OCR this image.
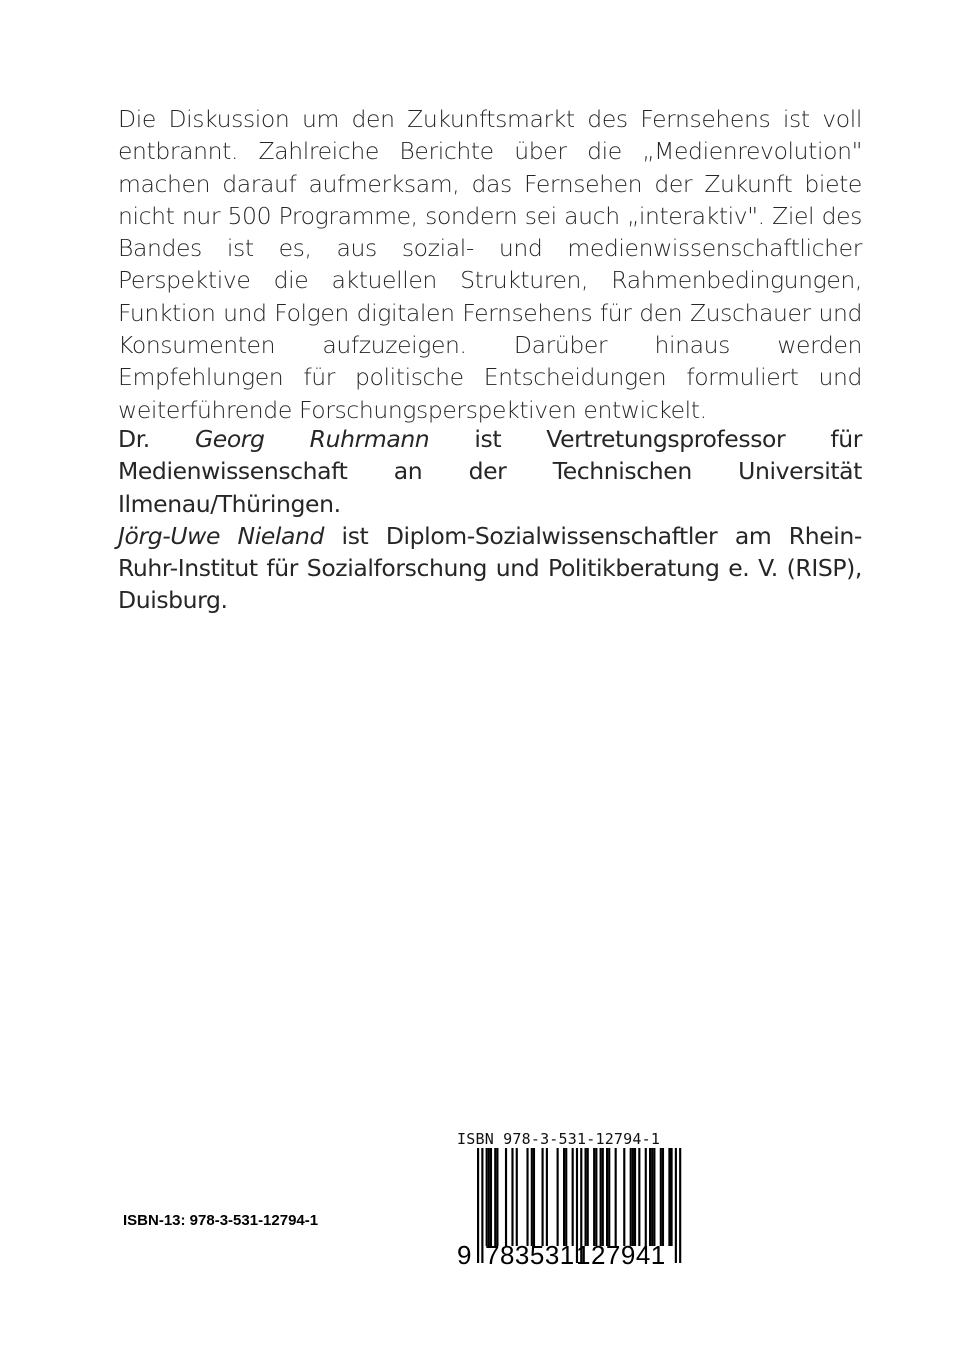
Die Diskussion um den Zukunftsmarkt des Fernsehens ist voll entbrannt. Zahlreiche Berichte über die „Medienrevolution" machen darauf aufmerksam, das Fernsehen der Zukunft biete nicht nur 500 Programme, sondern sei auch „interaktiv". Ziel des Bandes ist es, aus sozial- und medienwissenschaftlicher Perspektive die aktuellen Strukturen, Rahmenbedingungen, Funktion und Folgen digitalen Fernsehens für den Zuschauer und Konsumenten aufzuzeigen. Darüber hinaus werden Empfehlungen für politische Entscheidungen formuliert und weiterführende Forschungsperspektiven entwickelt.

Dr. Georg Ruhrmann ist Vertretungsprofessor für Medienwissenschaft an der Technischen Universität Ilmenau/Thüringen.

Jörg-Uwe Nieland ist Diplom-Sozialwissenschaftler am Rhein-Ruhr-Institut für Sozialforschung und Politikberatung e. V. (RISP), Duisburg.

ISBN-13: 978-3-531-12794-1
ISBN 978-3-531-12794-1
9 783531 127941
